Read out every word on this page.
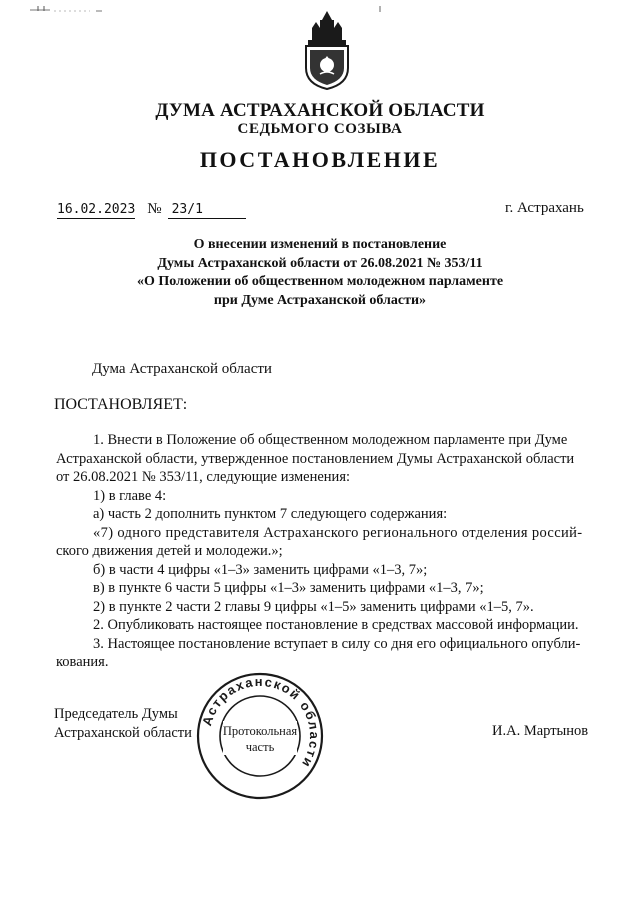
ДУМА АСТРАХАНСКОЙ ОБЛАСТИ
СЕДЬМОГО СОЗЫВА
ПОСТАНОВЛЕНИЕ
16.02.2023 № 23/1	г. Астрахань
О внесении изменений в постановление
Думы Астраханской области от 26.08.2021 № 353/11
«О Положении об общественном молодежном парламенте
при Думе Астраханской области»
Дума Астраханской области
ПОСТАНОВЛЯЕТ:
1. Внести в Положение об общественном молодежном парламенте при Думе
Астраханской области, утвержденное постановлением Думы Астраханской области
от 26.08.2021 № 353/11, следующие изменения:
1) в главе 4:
а) часть 2 дополнить пунктом 7 следующего содержания:
«7) одного представителя Астраханского регионального отделения россий-
ского движения детей и молодежи.»;
б) в части 4 цифры «1–3» заменить цифрами «1–3, 7»;
в) в пункте 6 части 5 цифры «1–3» заменить цифрами «1–3, 7»;
2) в пункте 2 части 2 главы 9 цифры «1–5» заменить цифрами «1–5, 7».
2. Опубликовать настоящее постановление в средствах массовой информации.
3. Настоящее постановление вступает в силу со дня его официального опубли-
кования.
Председатель Думы
Астраханской области	И.А. Мартынов
Астраханской области
Протокольная
часть
